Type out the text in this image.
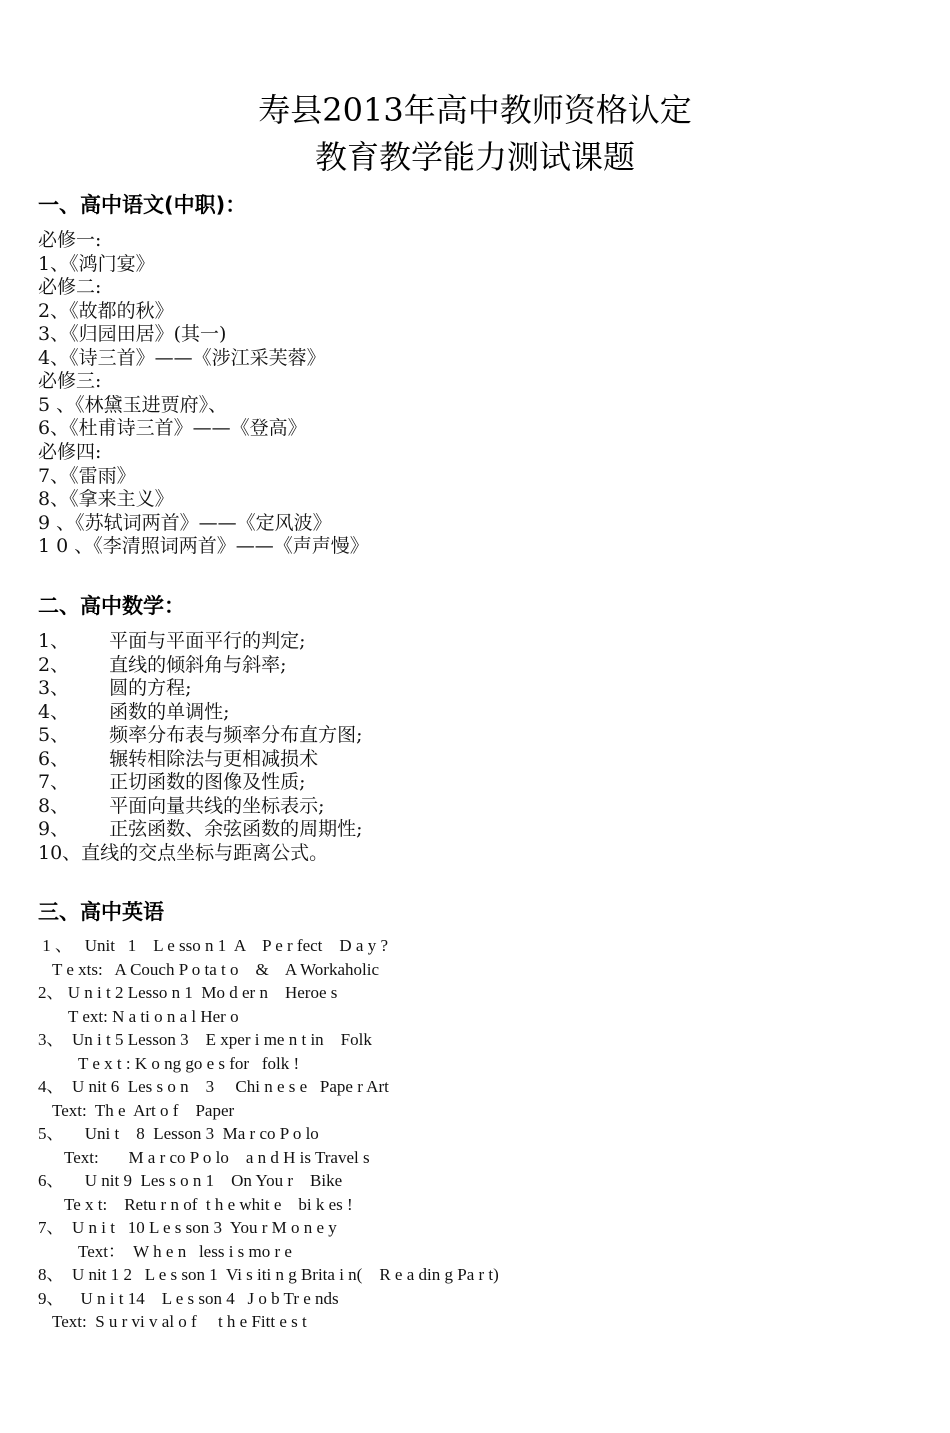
寿县2013年高中教师资格认定
教育教学能力测试课题
一、高中语文(中职)：
必修一:
1、《鸿门宴》
必修二:
2、《故都的秋》
3、《归园田居》(其一)
4、《诗三首》——《涉江采芙蓉》
必修三:
5 、《林黛玉进贾府》、
6、《杜甫诗三首》——《登高》
必修四:
7、《雷雨》
8、《拿来主义》
9 、《苏轼词两首》——《定风波》
1 0 、《李清照词两首》——《声声慢》
二、高中数学：
1、 平面与平面平行的判定;
2、 直线的倾斜角与斜率;
3、 圆的方程;
4、 函数的单调性;
5、 频率分布表与频率分布直方图;
6、 辗转相除法与更相减损术
7、 正切函数的图像及性质;
8、 平面向量共线的坐标表示;
9、 正弦函数、余弦函数的周期性;
10、直线的交点坐标与距离公式。
三、高中英语
1 、   Unit   1    L e sso n 1  A    P e r fect    D a y ?
T e xts:   A Couch P o ta t o    &    A Workaholic
2、 U n i t 2 Lesso n 1  Mo d er n    Heroe s
T ext: N a ti o n a l Her o
3、  Un i t 5 Lesson 3    E xper i me n t in    Folk
T e x t : K o ng go e s for   folk !
4、  U nit 6  Les s o n    3     Chi n e s e   Pape r Art
Text:  Th e  Art o f    Paper
5、     Uni t    8  Lesson 3  Ma r co P o lo
Text:       M a r co P o lo    a n d H is Travel s
6、     U nit 9  Les s o n 1    On You r    Bike
Te x t:    Retu r n of  t h e whit e    bi k es !
7、  U n i t   10 L e s son 3  You r M o n e y
Text：  W h e n   less i s mo r e
8、  U nit 1 2   L e s son 1  Vi s iti n g Brita i n(    R e a din g Pa r t)
9、    U n i t 14    L e s son 4   J o b Tr e nds
Text:  S u r vi v al o f     t h e Fitt e s t
